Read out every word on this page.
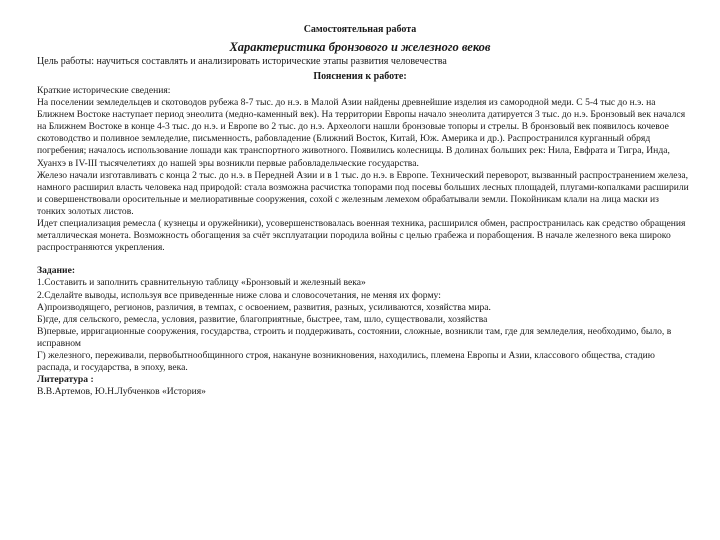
Самостоятельная работа
Характеристика бронзового и железного веков
Цель работы: научиться составлять и анализировать исторические этапы развития человечества
Пояснения к работе:

Краткие исторические сведения:

На поселении земледельцев и скотоводов рубежа 8-7 тыс. до н.э. в Малой Азии найдены древнейшие изделия из самородной меди. С 5-4 тыс до н.э. на Ближнем Востоке наступает период энеолита (медно-каменный век). На территории Европы начало энеолита датируется 3 тыс. до н.э. Бронзовый век начался на Ближнем Востоке в конце 4-3 тыс. до н.э. и Европе во 2 тыс. до н.э. Археологи нашли бронзовые топоры и стрелы. В бронзовый век появилось кочевое скотоводство и поливное земледелие, письменность, рабовладение (Ближний Восток, Китай, Юж. Америка и др.). Распространился курганный обряд погребения; началось использование лошади как транспортного животного. Появились колесницы. В долинах больших рек: Нила, Евфрата и Тигра, Инда, Хуанхэ в IV-III тысячелетиях до нашей эры возникли первые рабовладельческие государства.

Железо начали изготавливать с конца 2 тыс. до н.э. в Передней Азии и в 1 тыс. до н.э. в Европе. Технический переворот, вызванный распространением железа, намного расширил власть человека над природой: стала возможна расчистка топорами под посевы больших лесных площадей, плугами-копалками расширили и совершенствовали оросительные и мелиоративные сооружения, сохой с железным лемехом обрабатывали земли. Покойникам клали на лица маски из тонких золотых листов.

Идет специализация ремесла ( кузнецы и оружейники), усовершенствовалась военная техника, расширился обмен, распространилась как средство обращения металлическая монета. Возможность обогащения за счёт эксплуатации породила войны с целью грабежа и порабощения. В начале железного века широко распространяются укрепления.

Задание:

1.Составить и заполнить сравнительную таблицу «Бронзовый и железный века»

2.Сделайте выводы, используя все приведенные ниже слова и словосочетания, не меняя их форму:

А)производящего, регионов, различия, в темпах, с освоением, развития, разных, усиливаются, хозяйства мира.

Б)где, для сельского, ремесла, условия, развитие, благоприятные, быстрее, там, шло, существовали, хозяйства

В)первые, ирригационные сооружения, государства, строить и поддерживать, состоянии, сложные, возникли там, где для земледелия, необходимо, было, в исправном

Г) железного, переживали, первобытнообщинного строя, накануне возникновения, находились, племена Европы и Азии, классового общества, стадию распада, и государства, в эпоху, века.

Литература :

В.В.Артемов, Ю.Н.Лубченков «История»
